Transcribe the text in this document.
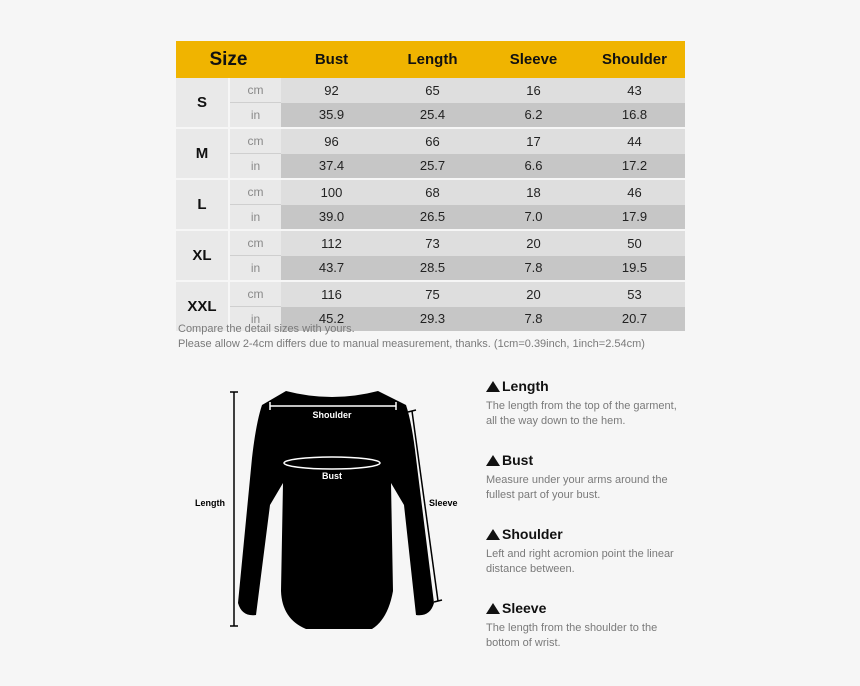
Size		Bust	Length	Sleeve	Shoulder
S	cm	92	65	16	43
	in	35.9	25.4	6.2	16.8
M	cm	96	66	17	44
	in	37.4	25.7	6.6	17.2
L	cm	100	68	18	46
	in	39.0	26.5	7.0	17.9
XL	cm	112	73	20	50
	in	43.7	28.5	7.8	19.5
XXL	cm	116	75	20	53
	in	45.2	29.3	7.8	20.7
Compare the detail sizes with yours.
Please allow 2-4cm differs due to manual measurement, thanks. (1cm=0.39inch, 1inch=2.54cm)
Shoulder
Bust
Length	Sleeve
Length
The length from the top of the garment,
all the way down to the hem.
Bust
Measure under your arms around the
fullest part of your bust.
Shoulder
Left and right acromion point the linear
distance between.
Sleeve
The length from the shoulder to the
bottom of wrist.
